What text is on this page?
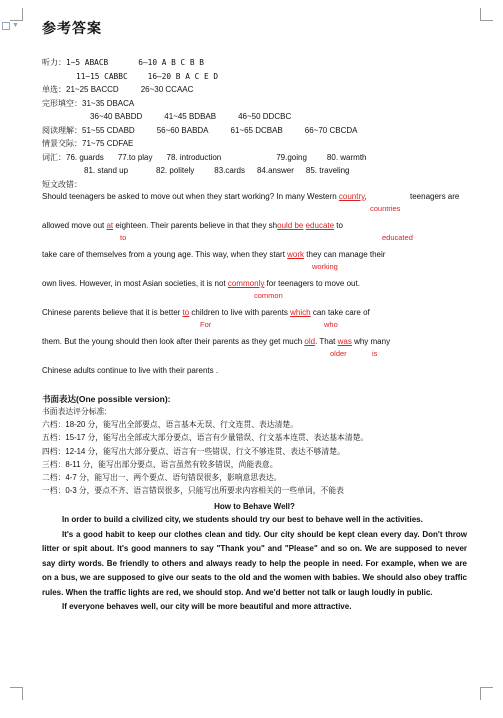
▼ 参考答案
听力：1~5 ABACB	6—10 A B C B B
11~15 CABBC	16—20 B A C E D
单选：21~25 BACCD	26~30 CCAAC
完形填空：31~35 DBACA
36~40 BABDD	41~45 BDBAB	46~50 DDCBC
阅读理解：51~55 CDABD	56~60 BABDA	61~65 DCBAB	66~70 CBCDA
情景交际：71~75 CDFAE
词汇：76. guards 77.to play 78. introduction	79.going	80. warmth
81. stand up	82. politely	83.cards 84.answer 85. traveling
短文改错：
Should teenagers be asked to move out when they start working? In many Western country,
countries
teenagers are
allowed move out at eighteen. Their parents believe in that they should be educate to
to	educated
take care of themselves from a young age. This way, when they start work they can manage their
working
own lives. However, in most Asian societies, it is not commonly for teenagers to move out.
common
Chinese parents believe that it is better to children to live with parents which can take care of
For	who
them. But the young should then look after their parents as they get much old. That was why many
older	is
Chinese adults continue to live with their parents .
书面表达(One possible version):
书面表达评分标准:
六档：18-20 分，能写出全部要点、语言基本无误、行文连贯、表达清楚。
五档：15-17 分，能写出全部或大部分要点、语言有少量错误、行文基本连贯、表达基本清楚。
四档：12-14 分，能写出大部分要点、语言有一些错误、行文不够连贯、表达不够清楚。
三档：8-11 分，能写出部分要点、语言虽然有较多错误，尚能表意。
二档：4-7 分，能写出一、两个要点、语句错误很多，影响意思表达。
一档：0-3 分，要点不齐、语言错误很多，只能写出所要求内容相关的一些单词，不能表
How to Behave Well?

In order to build a civilized city, we students should try our best to behave well in the activities.

It's a good habit to keep our clothes clean and tidy. Our city should be kept clean every day. Don't throw litter or spit about. It's good manners to say "Thank you" and "Please" and so on. We are supposed to never say dirty words. Be friendly to others and always ready to help the people in need. For example, when we are on a bus, we are supposed to give our seats to the old and the women with babies. We should also obey traffic rules. When the traffic lights are red, we should stop. And we'd better not talk or laugh loudly in public.

If everyone behaves well, our city will be more beautiful and more attractive.
